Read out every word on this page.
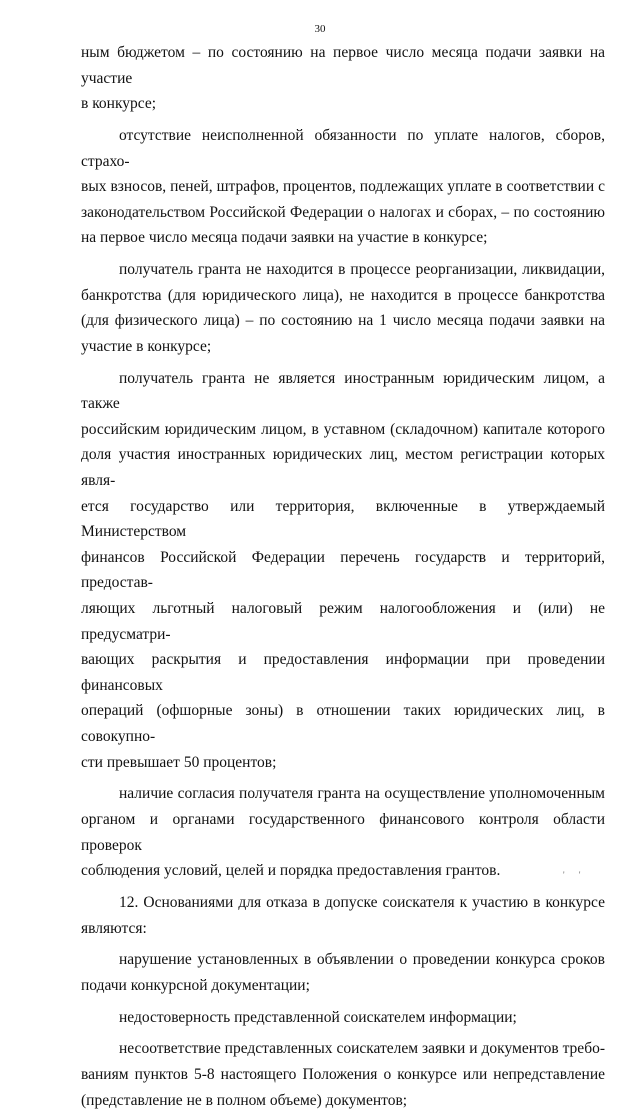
30

ным бюджетом – по состоянию на первое число месяца подачи заявки на участие

в конкурсе;

отсутствие неисполненной обязанности по уплате налогов, сборов, страхо-

вых взносов, пеней, штрафов, процентов, подлежащих уплате в соответствии с

законодательством Российской Федерации о налогах и сборах, – по состоянию

на первое число месяца подачи заявки на участие в конкурсе;

получатель гранта не находится в процессе реорганизации, ликвидации,

банкротства (для юридического лица), не находится в процессе банкротства

(для физического лица) – по состоянию на 1 число месяца подачи заявки на

участие в конкурсе;

получатель гранта не является иностранным юридическим лицом, а также

российским юридическим лицом, в уставном (складочном) капитале которого

доля участия иностранных юридических лиц, местом регистрации которых явля-

ется государство или территория, включенные в утверждаемый Министерством

финансов Российской Федерации перечень государств и территорий, предостав-

ляющих льготный налоговый режим налогообложения и (или) не предусматри-

вающих раскрытия и предоставления информации при проведении финансовых

операций (офшорные зоны) в отношении таких юридических лиц, в совокупно-

сти превышает 50 процентов;

наличие согласия получателя гранта на осуществление уполномоченным

органом и органами государственного финансового контроля области проверок

соблюдения условий, целей и порядка предоставления грантов.

12. Основаниями для отказа в допуске соискателя к участию в конкурсе

являются:

нарушение установленных в объявлении о проведении конкурса сроков

подачи конкурсной документации;

недостоверность представленной соискателем информации;

несоответствие представленных соискателем заявки и документов требо-

ваниям пунктов 5-8 настоящего Положения о конкурсе или непредставление

(представление не в полном объеме) документов;

' '
